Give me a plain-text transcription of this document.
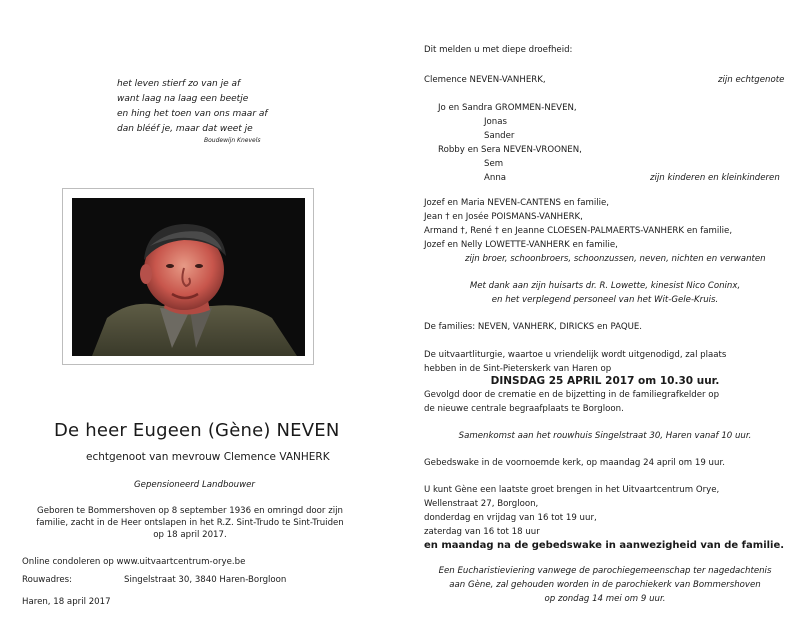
het leven stierf zo van je af
want laag na laag een beetje
en hing het toen van ons maar af
dan blééf je, maar dat weet je
Boudewijn Knevels
De heer Eugeen (Gène) NEVEN
echtgenoot van mevrouw Clemence VANHERK
Gepensioneerd Landbouwer
Geboren te Bommershoven op 8 september 1936 en omringd door zijn
familie, zacht in de Heer ontslapen in het R.Z. Sint-Trudo te Sint-Truiden
op 18 april 2017.
Online condoleren op www.uitvaartcentrum-orye.be
Rouwadres:	Singelstraat 30, 3840 Haren-Borgloon
Haren, 18 april 2017
Dit melden u met diepe droefheid:
Clemence NEVEN-VANHERK,	zijn echtgenote
Jo en Sandra GROMMEN-NEVEN,
Jonas
Sander
Robby en Sera NEVEN-VROONEN,
Sem
Anna	zijn kinderen en kleinkinderen
Jozef en Maria NEVEN-CANTENS en familie,
Jean † en Josée POISMANS-VANHERK,
Armand †, René † en Jeanne CLOESEN-PALMAERTS-VANHERK en familie,
Jozef en Nelly LOWETTE-VANHERK en familie,
zijn broer, schoonbroers, schoonzussen, neven, nichten en verwanten
Met dank aan zijn huisarts dr. R. Lowette, kinesist Nico Coninx,
en het verplegend personeel van het Wit-Gele-Kruis.
De families: NEVEN, VANHERK, DIRICKS en PAQUE.
De uitvaartliturgie, waartoe u vriendelijk wordt uitgenodigd, zal plaats
hebben in de Sint-Pieterskerk van Haren op
DINSDAG 25 APRIL 2017 om 10.30 uur.
Gevolgd door de crematie en de bijzetting in de familiegrafkelder op
de nieuwe centrale begraafplaats te Borgloon.
Samenkomst aan het rouwhuis Singelstraat 30, Haren vanaf 10 uur.
Gebedswake in de voornoemde kerk, op maandag 24 april om 19 uur.
U kunt Gène een laatste groet brengen in het Uitvaartcentrum Orye,
Wellenstraat 27, Borgloon,
donderdag en vrijdag van 16 tot 19 uur,
zaterdag van 16 tot 18 uur
en maandag na de gebedswake in aanwezigheid van de familie.
Een Eucharistieviering vanwege de parochiegemeenschap ter nagedachtenis
aan Gène, zal gehouden worden in de parochiekerk van Bommershoven
op zondag 14 mei om 9 uur.
